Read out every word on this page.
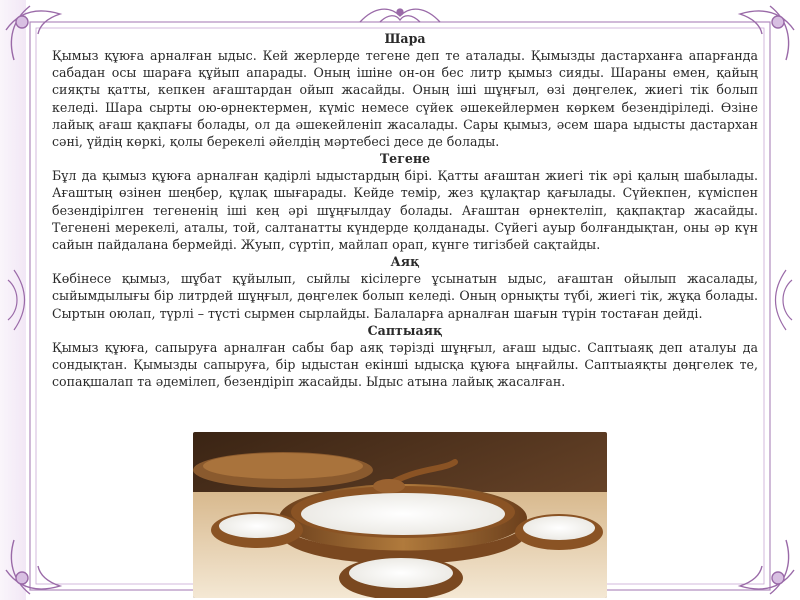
Шара

Қымыз құюға арналған ыдыс. Кей жерлерде тегене деп те аталады. Қымызды дастарханға апарғанда сабадан осы шараға құйып апарады. Оның ішіне он-он бес литр қымыз сияды. Шараны емен, қайың сияқты қатты, кепкен ағаштардан ойып жасайды. Оның іші шұңғыл, өзі дөңгелек, жиегі тік болып келеді. Шара сырты ою-өрнектермен, күміс немесе сүйек әшекейлермен көркем безендіріледі. Өзіне лайық ағаш қақпағы болады, ол да әшекейленіп жасалады. Сары қымыз, әсем шара ыдысты дастархан сәні, үйдің көркі, қолы берекелі әйелдің мәртебесі десе де болады.

Тегене

Бұл да қымыз құюға арналған қадірлі ыдыстардың бірі. Қатты ағаштан жиегі тік әрі қалың шабылады. Ағаштың өзінен шеңбер, құлақ шығарады. Кейде темір, жез құлақтар қағылады. Сүйекпен, күміспен безендірілген тегененің іші кең әрі шұңғылдау болады. Ағаштан өрнектеліп, қақпақтар жасайды. Тегенені мерекелі, аталы, той, салтанатты күндерде қолданады. Сүйегі ауыр болғандықтан, оны әр күн сайын пайдалана бермейді. Жуып, сүртіп, майлап орап, күнге тигізбей сақтайды.

Аяқ

Көбінесе қымыз, шұбат құйылып, сыйлы кісілерге ұсынатын ыдыс, ағаштан ойылып жасалады, сыйымдылығы бір литрдей шұңғыл, дөңгелек болып келеді. Оның орнықты түбі, жиегі тік, жұқа болады. Сыртын оюлап, түрлі – түсті сырмен сырлайды. Балаларға арналған шағын түрін тостаған дейді.

Саптыаяқ

Қымыз құюға, сапыруға арналған сабы бар аяқ тәрізді шұңғыл, ағаш ыдыс. Саптыаяқ деп аталуы да сондықтан. Қымызды сапыруға, бір ыдыстан екінші ыдысқа құюға ыңғайлы. Саптыаяқты дөңгелек те, сопақшалап та әдемілеп, безендіріп жасайды. Ыдыс атына лайық жасалған.
